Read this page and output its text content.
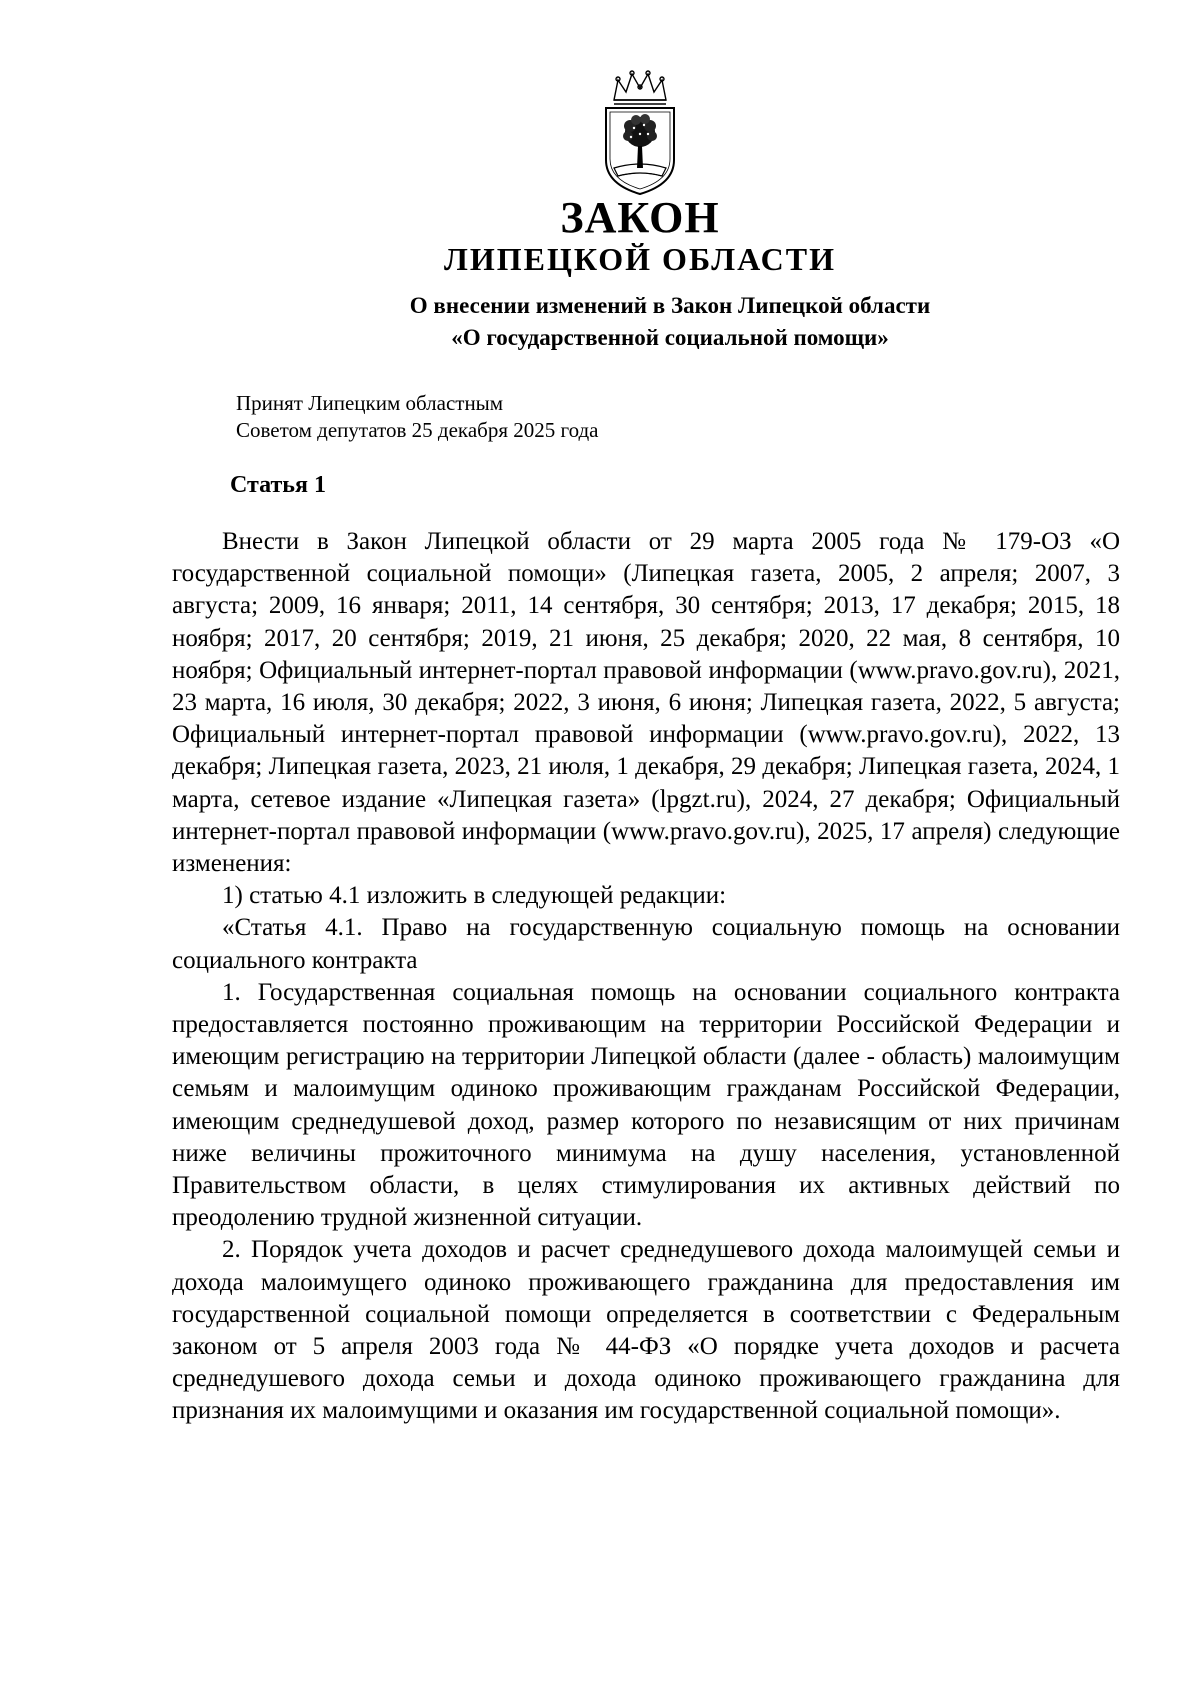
ЗАКОН
ЛИПЕЦКОЙ ОБЛАСТИ
О внесении изменений в Закон Липецкой области
«О государственной социальной помощи»
Принят Липецким областным
Советом депутатов 25 декабря 2025 года
Статья 1

Внести в Закон Липецкой области от 29 марта 2005 года № 179-ОЗ «О государственной социальной помощи» (Липецкая газета, 2005, 2 апреля; 2007, 3 августа; 2009, 16 января; 2011, 14 сентября, 30 сентября; 2013, 17 декабря; 2015, 18 ноября; 2017, 20 сентября; 2019, 21 июня, 25 декабря; 2020, 22 мая, 8 сентября, 10 ноября; Официальный интернет-портал правовой информации (www.pravo.gov.ru), 2021, 23 марта, 16 июля, 30 декабря; 2022, 3 июня, 6 июня; Липецкая газета, 2022, 5 августа; Официальный интернет-портал правовой информации (www.pravo.gov.ru), 2022, 13 декабря; Липецкая газета, 2023, 21 июля, 1 декабря, 29 декабря; Липецкая газета, 2024, 1 марта, сетевое издание «Липецкая газета» (lpgzt.ru), 2024, 27 декабря; Официальный интернет-портал правовой информации (www.pravo.gov.ru), 2025, 17 апреля) следующие изменения:

1) статью 4.1 изложить в следующей редакции:

«Статья 4.1. Право на государственную социальную помощь на основании социального контракта

1. Государственная социальная помощь на основании социального контракта предоставляется постоянно проживающим на территории Российской Федерации и имеющим регистрацию на территории Липецкой области (далее - область) малоимущим семьям и малоимущим одиноко проживающим гражданам Российской Федерации, имеющим среднедушевой доход, размер которого по независящим от них причинам ниже величины прожиточного минимума на душу населения, установленной Правительством области, в целях стимулирования их активных действий по преодолению трудной жизненной ситуации.

2. Порядок учета доходов и расчет среднедушевого дохода малоимущей семьи и дохода малоимущего одиноко проживающего гражданина для предоставления им государственной социальной помощи определяется в соответствии с Федеральным законом от 5 апреля 2003 года № 44-ФЗ «О порядке учета доходов и расчета среднедушевого дохода семьи и дохода одиноко проживающего гражданина для признания их малоимущими и оказания им государственной социальной помощи».
